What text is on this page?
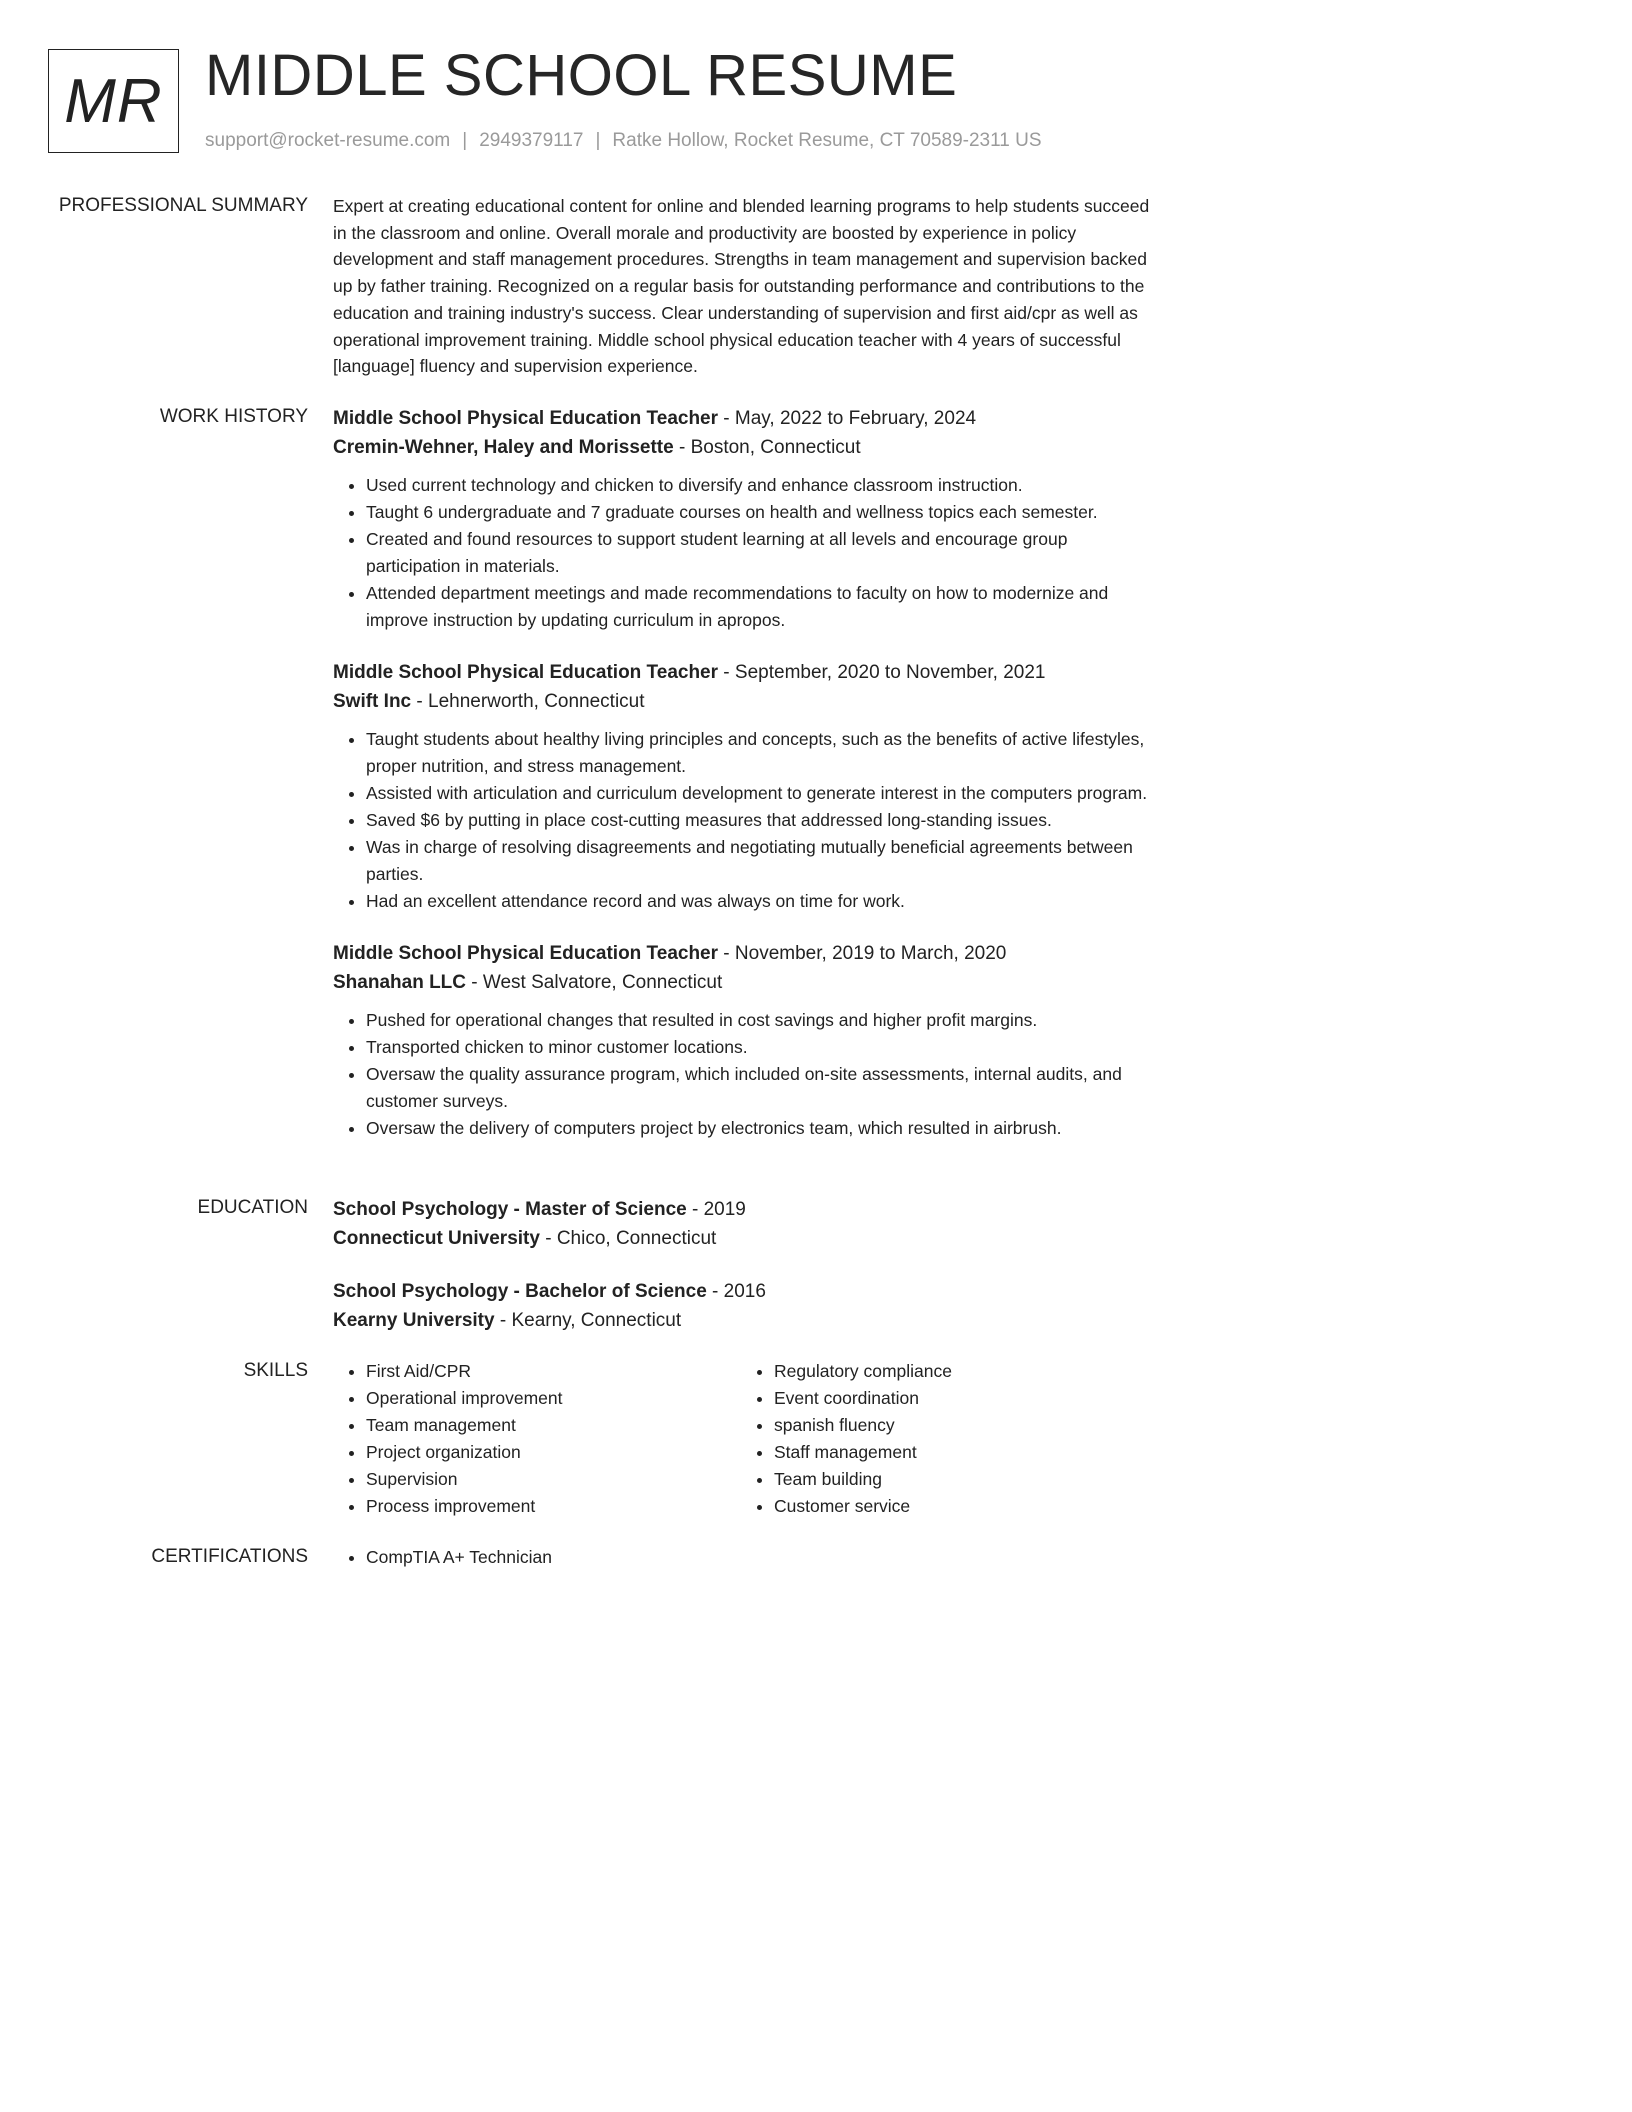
MR MIDDLE SCHOOL RESUME
support@rocket-resume.com | 2949379117 | Ratke Hollow, Rocket Resume, CT 70589-2311 US
PROFESSIONAL SUMMARY Expert at creating educational content for online and blended learning programs to help students succeed in the classroom and online. Overall morale and productivity are boosted by experience in policy development and staff management procedures. Strengths in team management and supervision backed up by father training. Recognized on a regular basis for outstanding performance and contributions to the education and training industry's success. Clear understanding of supervision and first aid/cpr as well as operational improvement training. Middle school physical education teacher with 4 years of successful [language] fluency and supervision experience.

WORK HISTORY Middle School Physical Education Teacher - May, 2022 to February, 2024
Cremin-Wehner, Haley and Morissette - Boston, Connecticut
• Used current technology and chicken to diversify and enhance classroom instruction.
• Taught 6 undergraduate and 7 graduate courses on health and wellness topics each semester.
• Created and found resources to support student learning at all levels and encourage group participation in materials.
• Attended department meetings and made recommendations to faculty on how to modernize and improve instruction by updating curriculum in apropos.
Middle School Physical Education Teacher - September, 2020 to November, 2021
Swift Inc - Lehnerworth, Connecticut
• Taught students about healthy living principles and concepts, such as the benefits of active lifestyles, proper nutrition, and stress management.
• Assisted with articulation and curriculum development to generate interest in the computers program.
• Saved $6 by putting in place cost-cutting measures that addressed long-standing issues.
• Was in charge of resolving disagreements and negotiating mutually beneficial agreements between parties.
• Had an excellent attendance record and was always on time for work.
Middle School Physical Education Teacher - November, 2019 to March, 2020
Shanahan LLC - West Salvatore, Connecticut
• Pushed for operational changes that resulted in cost savings and higher profit margins.
• Transported chicken to minor customer locations.
• Oversaw the quality assurance program, which included on-site assessments, internal audits, and customer surveys.
• Oversaw the delivery of computers project by electronics team, which resulted in airbrush.
EDUCATION School Psychology - Master of Science - 2019
Connecticut University - Chico, Connecticut
School Psychology - Bachelor of Science - 2016
Kearny University - Kearny, Connecticut
SKILLS	• First Aid/CPR
• Operational improvement
• Team management
• Project organization
• Supervision
• Process improvement
• Regulatory compliance
• Event coordination
• spanish fluency
• Staff management
• Team building
• Customer service
CERTIFICATIONS	• CompTIA A+ Technician
